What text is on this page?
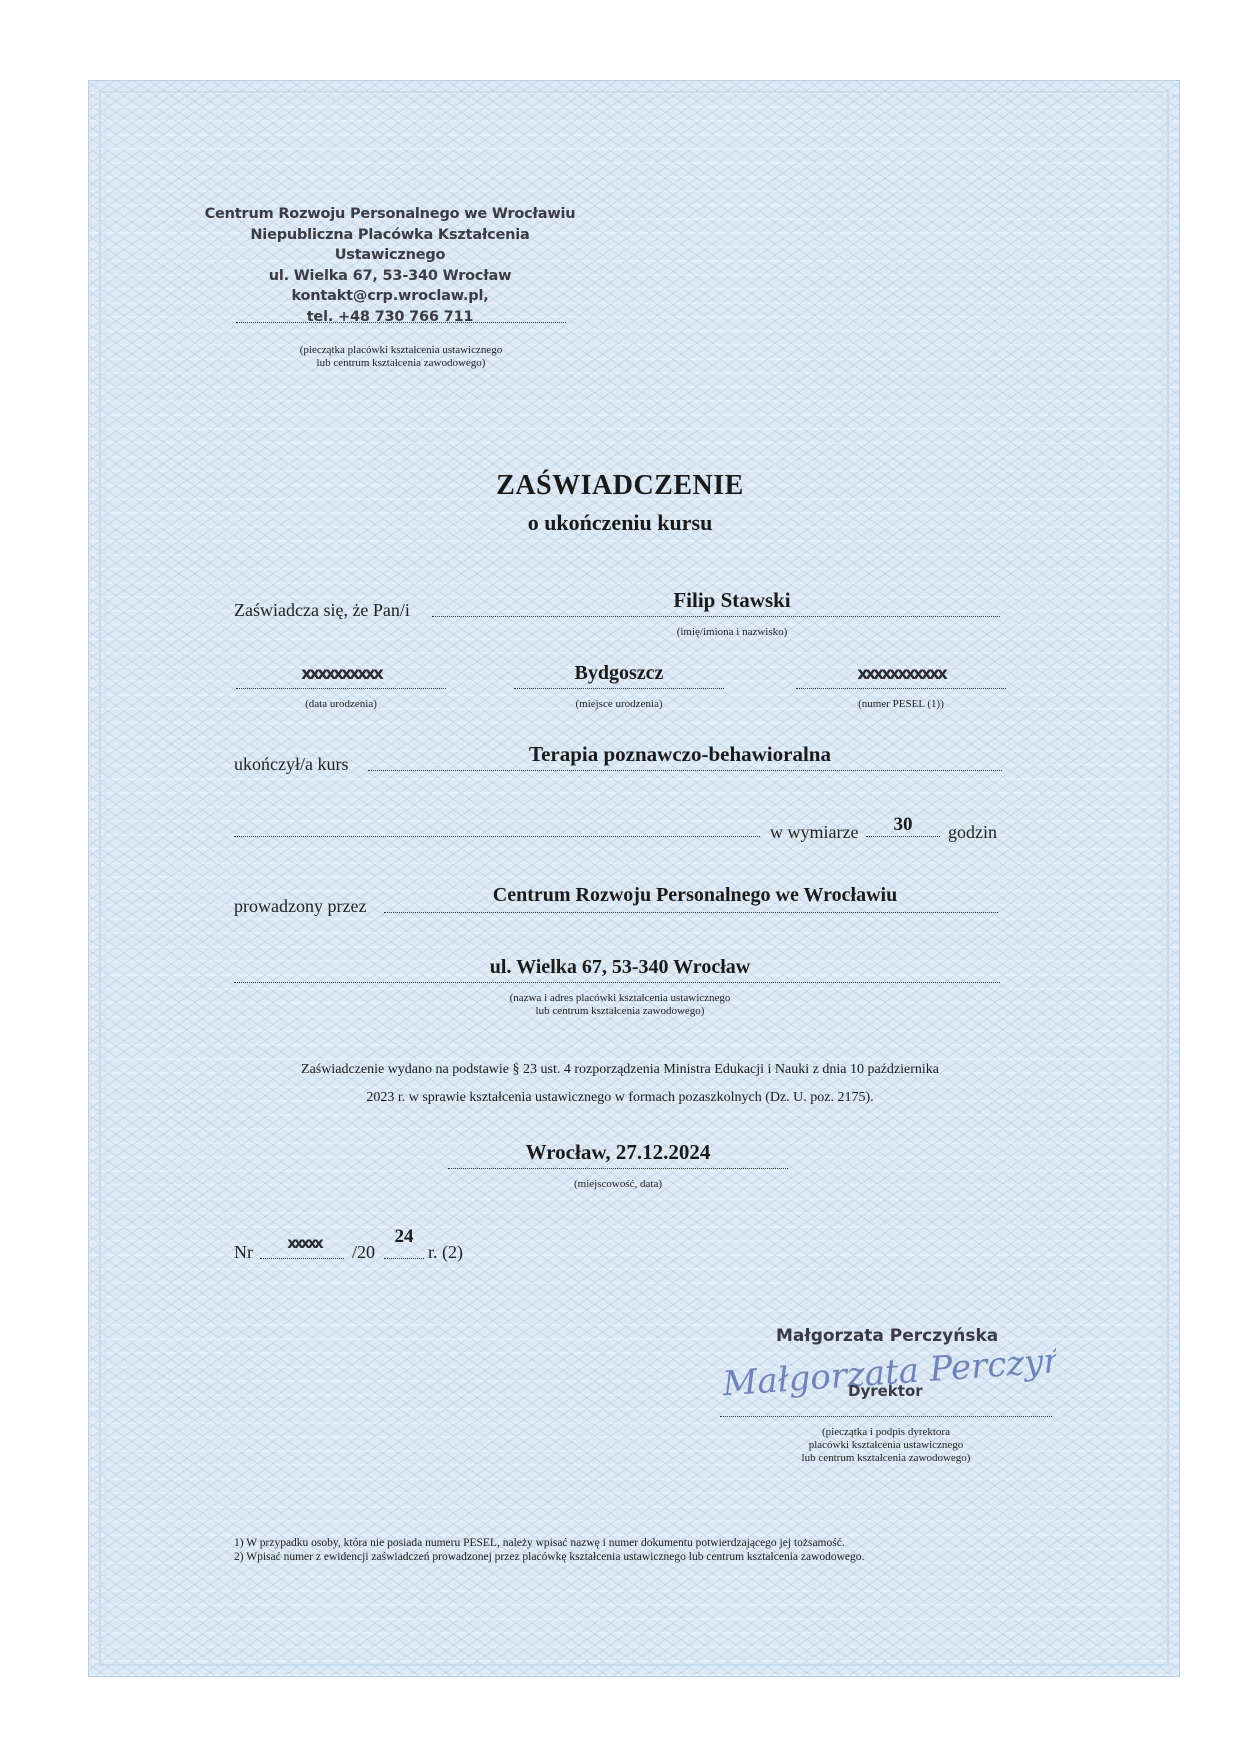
Centrum Rozwoju Personalnego we Wrocławiu
Niepubliczna Placówka Kształcenia Ustawicznego
ul. Wielka 67, 53-340 Wrocław
kontakt@crp.wroclaw.pl,
tel. +48 730 766 711
(pieczątka placówki kształcenia ustawicznego
lub centrum kształcenia zawodowego)
ZAŚWIADCZENIE
o ukończeniu kursu
Zaświadcza się, że Pan/i	Filip Stawski
(imię/imiona i nazwisko)
xxxxxxxxxx
(data urodzenia)
Bydgoszcz
(miejsce urodzenia)
xxxxxxxxxxx
(numer PESEL (1))
ukończył/a kurs	Terapia poznawczo-behawioralna
w wymiarze	30	godzin
prowadzony przez	Centrum Rozwoju Personalnego we Wrocławiu
ul. Wielka 67, 53-340 Wrocław
(nazwa i adres placówki kształcenia ustawicznego
lub centrum kształcenia zawodowego)
Zaświadczenie wydano na podstawie § 23 ust. 4 rozporządzenia Ministra Edukacji i Nauki z dnia 10 października
2023 r. w sprawie kształcenia ustawicznego w formach pozaszkolnych (Dz. U. poz. 2175).
Wrocław, 27.12.2024
(miejscowość, data)
Nr	xxxxx	/20
24
r. (2)
Małgorzata Perczyńska
Małgorzata Perczyńska
Dyrektor
(pieczątka i podpis dyrektora
placówki kształcenia ustawicznego
lub centrum kształcenia zawodowego)
1) W przypadku osoby, która nie posiada numeru PESEL, należy wpisać nazwę i numer dokumentu potwierdzającego jej tożsamość.
2) Wpisać numer z ewidencji zaświadczeń prowadzonej przez placówkę kształcenia ustawicznego lub centrum kształcenia zawodowego.
